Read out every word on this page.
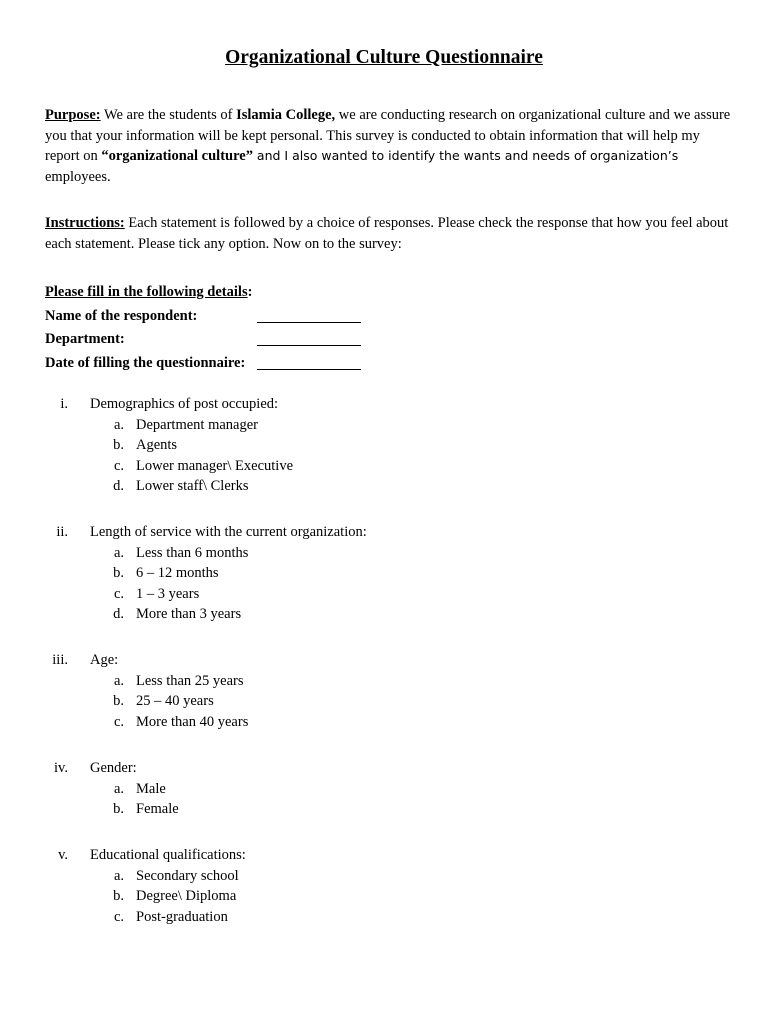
Organizational Culture Questionnaire
Purpose: We are the students of Islamia College, we are conducting research on organizational culture and we assure you that your information will be kept personal. This survey is conducted to obtain information that will help my report on “organizational culture” and I also wanted to identify the wants and needs of organization’s employees.
Instructions: Each statement is followed by a choice of responses. Please check the response that how you feel about each statement. Please tick any option. Now on to the survey:
Please fill in the following details:
Name of the respondent:
Department:
Date of filling the questionnaire:
i. Demographics of post occupied:
a. Department manager
b. Agents
c. Lower manager\ Executive
d. Lower staff\ Clerks
ii. Length of service with the current organization:
a. Less than 6 months
b. 6 – 12 months
c. 1 – 3 years
d. More than 3 years
iii. Age:
a. Less than 25 years
b. 25 – 40 years
c. More than 40 years
iv. Gender:
a. Male
b. Female
v. Educational qualifications:
a. Secondary school
b. Degree\ Diploma
c. Post-graduation
